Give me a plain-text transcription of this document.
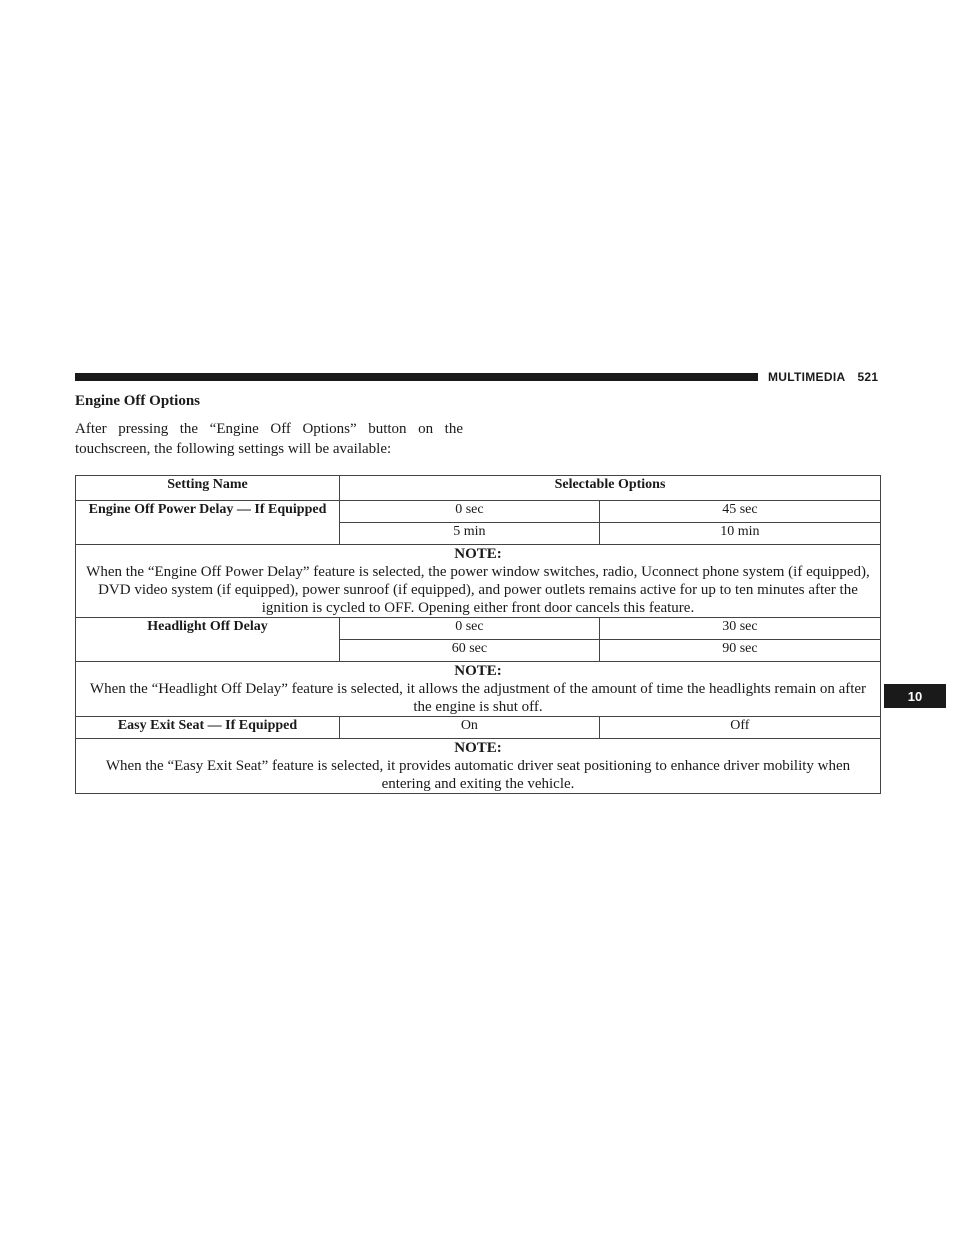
MULTIMEDIA 521
10
Engine Off Options

After pressing the “Engine Off Options” button on the touchscreen, the following settings will be available:

Setting Name	Selectable Options	
Engine Off Power Delay — If Equipped	0 sec	45 sec
	5 min	10 min

NOTE:
When the “Engine Off Power Delay” feature is selected, the power window switches, radio, Uconnect phone system (if equipped), DVD video system (if equipped), power sunroof (if equipped), and power outlets remains active for up to ten minutes after the ignition is cycled to OFF. Opening either front door cancels this feature.		
Headlight Off Delay	0 sec	30 sec
	60 sec	90 sec

NOTE:
When the “Headlight Off Delay” feature is selected, it allows the adjustment of the amount of time the headlights remain on after the engine is shut off.		
Easy Exit Seat — If Equipped	On	Off

NOTE:
When the “Easy Exit Seat” feature is selected, it provides automatic driver seat positioning to enhance driver mobility when entering and exiting the vehicle.		
